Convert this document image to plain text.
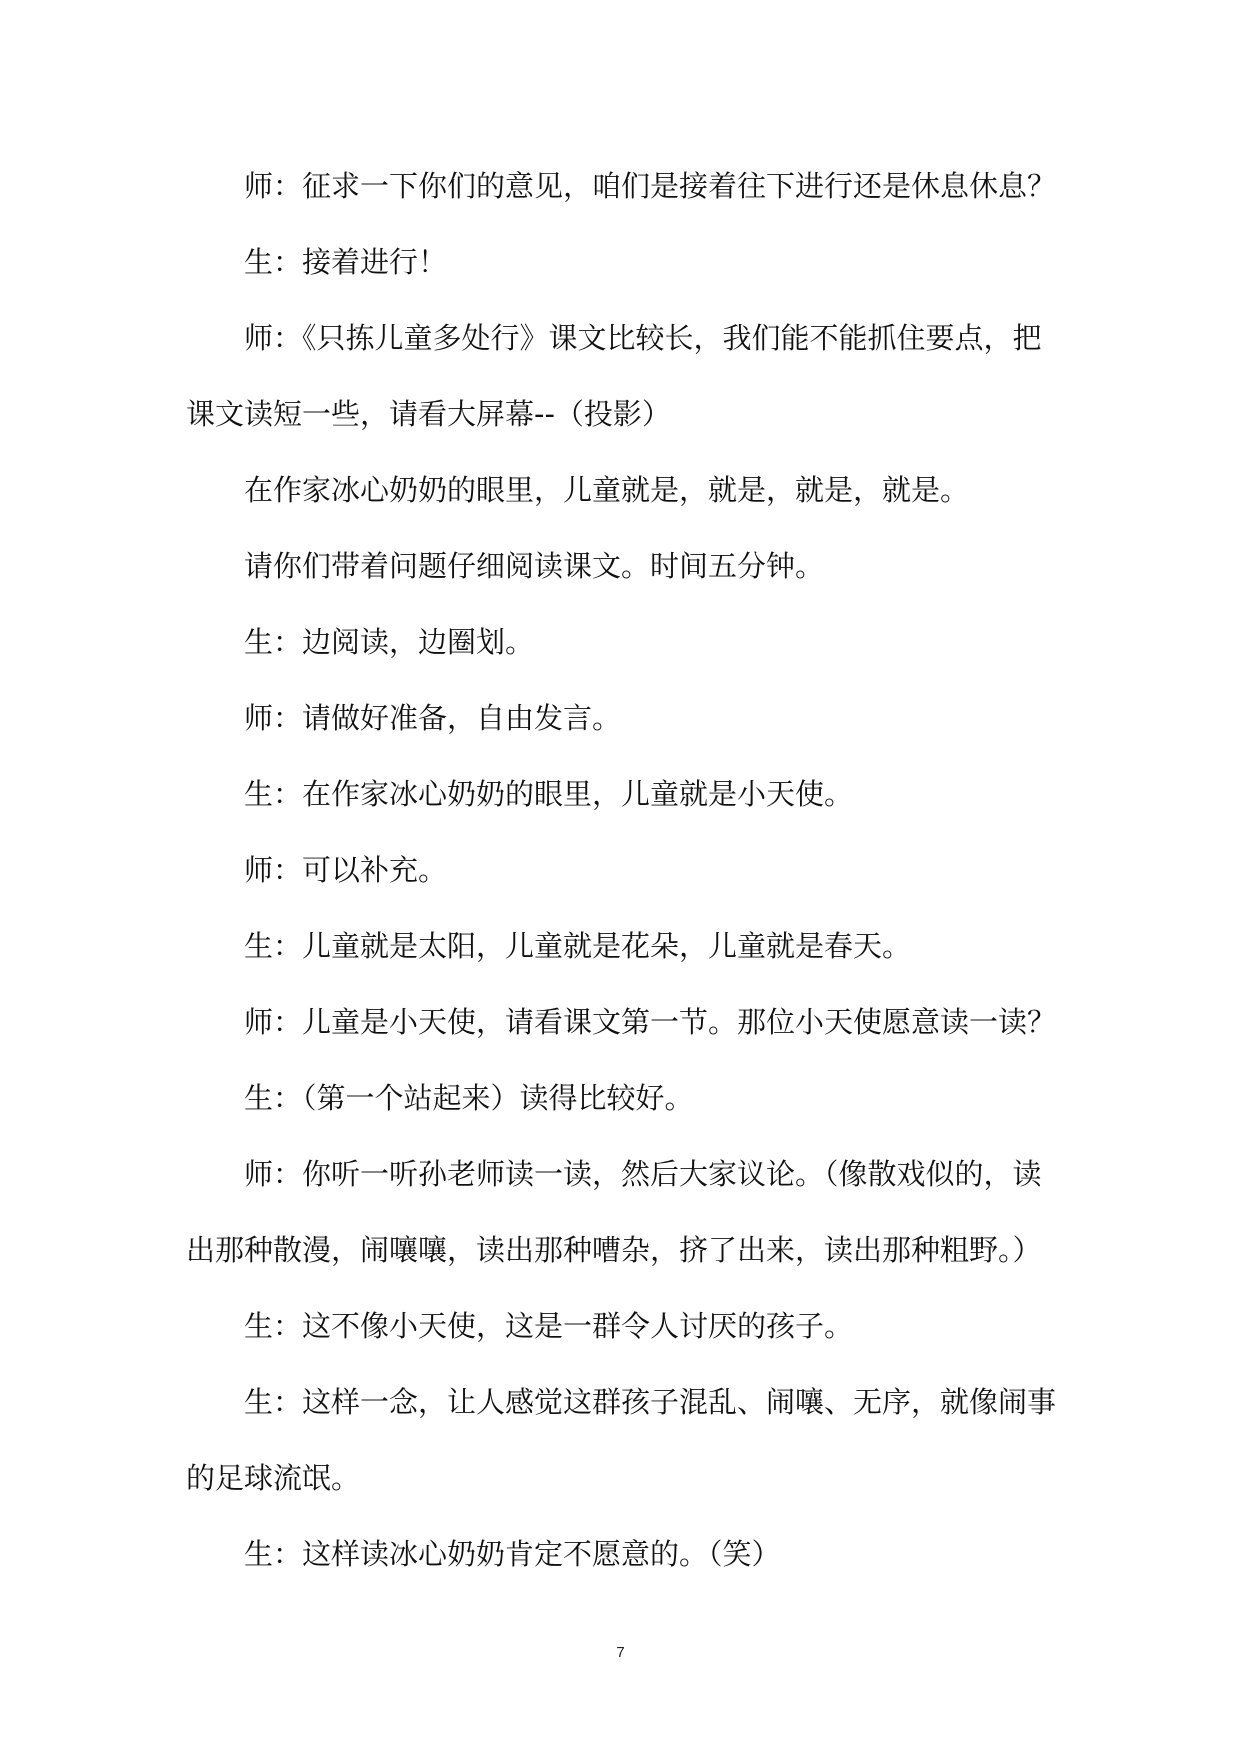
师：征求一下你们的意见，咱们是接着往下进行还是休息休息？

生：接着进行！

师：《只拣儿童多处行》课文比较长，我们能不能抓住要点，把课文读短一些，请看大屏幕--（投影）

在作家冰心奶奶的眼里，儿童就是，就是，就是，就是。

请你们带着问题仔细阅读课文。时间五分钟。

生：边阅读，边圈划。

师：请做好准备，自由发言。

生：在作家冰心奶奶的眼里，儿童就是小天使。

师：可以补充。

生：儿童就是太阳，儿童就是花朵，儿童就是春天。

师：儿童是小天使，请看课文第一节。那位小天使愿意读一读？

生：（第一个站起来）读得比较好。

师：你听一听孙老师读一读，然后大家议论。（像散戏似的，读出那种散漫，闹嚷嚷，读出那种嘈杂，挤了出来，读出那种粗野。）

生：这不像小天使，这是一群令人讨厌的孩子。

生：这样一念，让人感觉这群孩子混乱、闹嚷、无序，就像闹事的足球流氓。

生：这样读冰心奶奶肯定不愿意的。（笑）

7
